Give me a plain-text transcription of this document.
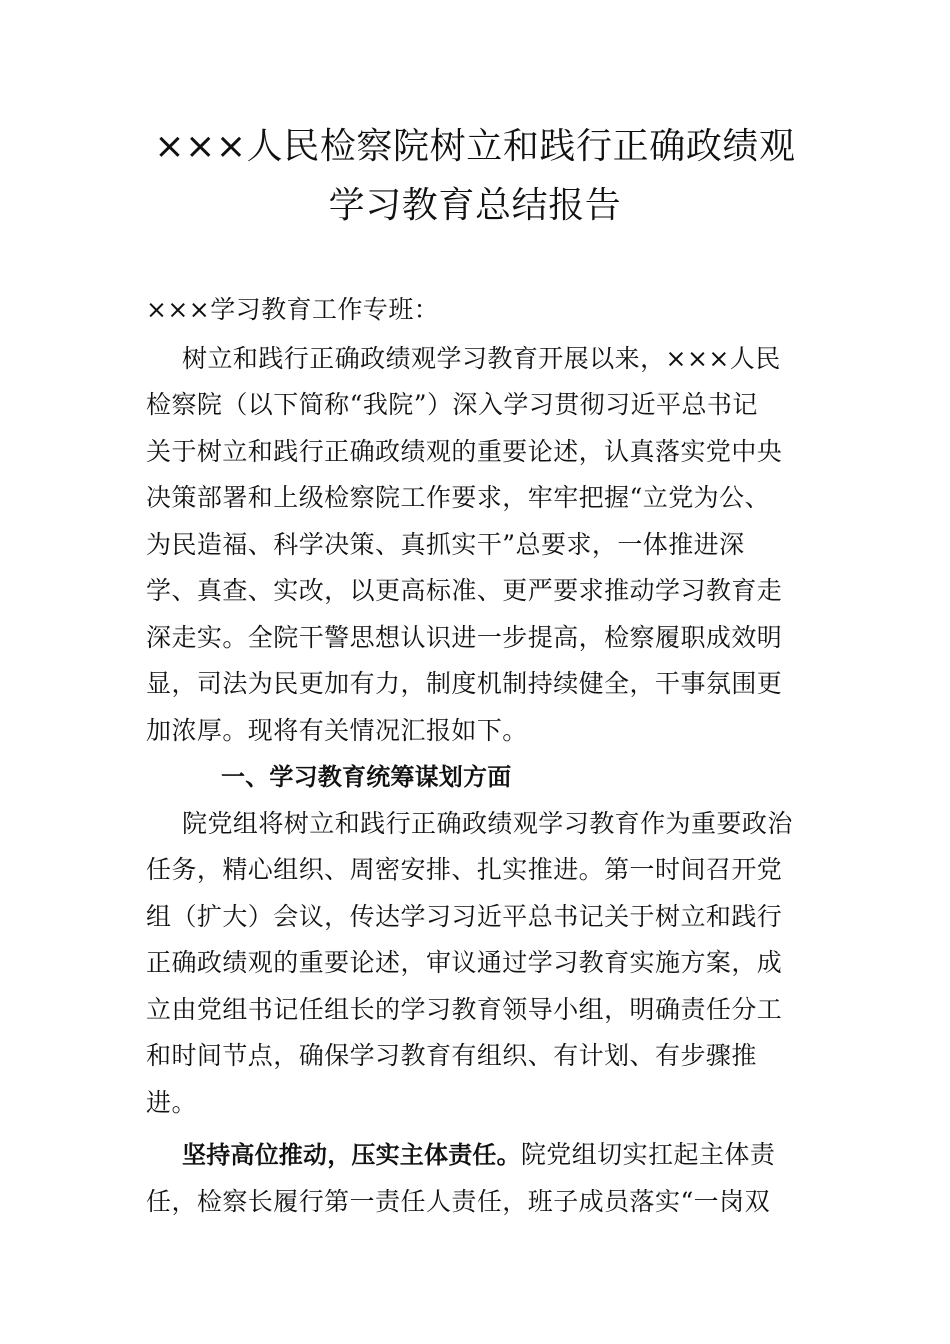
×××人民检察院树立和践行正确政绩观
学习教育总结报告
×××学习教育工作专班：
树立和践行正确政绩观学习教育开展以来，×××人民
检察院（以下简称“我院”）深入学习贯彻习近平总书记
关于树立和践行正确政绩观的重要论述，认真落实党中央
决策部署和上级检察院工作要求，牢牢把握“立党为公、
为民造福、科学决策、真抓实干”总要求，一体推进深
学、真查、实改，以更高标准、更严要求推动学习教育走
深走实。全院干警思想认识进一步提高，检察履职成效明
显，司法为民更加有力，制度机制持续健全，干事氛围更
加浓厚。现将有关情况汇报如下。
一、学习教育统筹谋划方面
院党组将树立和践行正确政绩观学习教育作为重要政治
任务，精心组织、周密安排、扎实推进。第一时间召开党
组（扩大）会议，传达学习习近平总书记关于树立和践行
正确政绩观的重要论述，审议通过学习教育实施方案，成
立由党组书记任组长的学习教育领导小组，明确责任分工
和时间节点，确保学习教育有组织、有计划、有步骤推
进。
坚持高位推动，压实主体责任。院党组切实扛起主体责
任，检察长履行第一责任人责任，班子成员落实“一岗双
